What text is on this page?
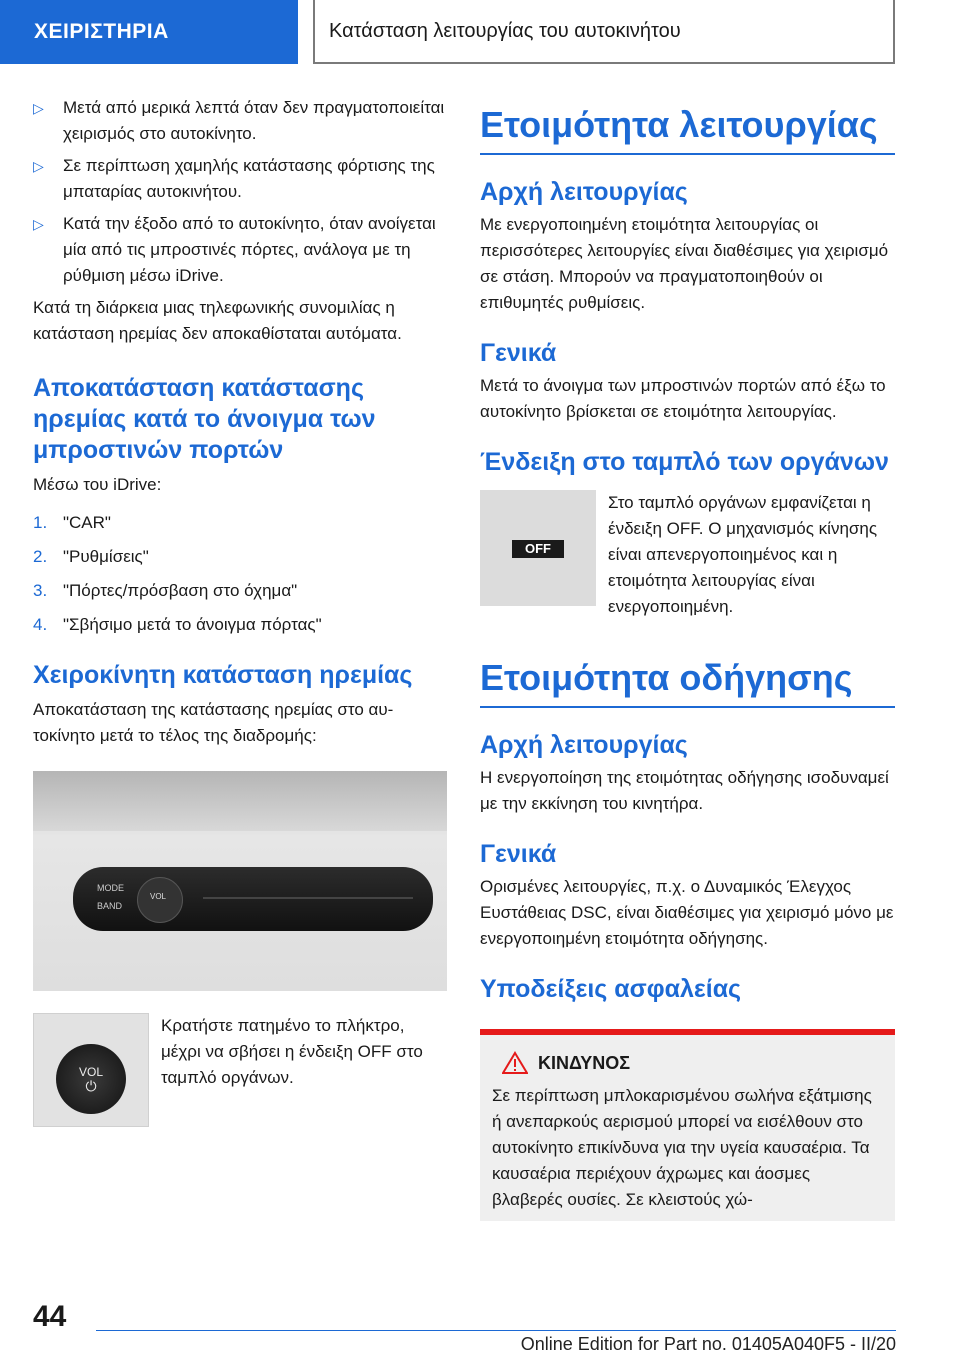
ΧΕΙΡΙΣΤΗΡΙΑ	Κατάσταση λειτουργίας του αυτοκινήτου
▷ Μετά από μερικά λεπτά όταν δεν πραγματοποιείται χειρισμός στο αυτοκίνητο.
▷ Σε περίπτωση χαμηλής κατάστασης φόρτισης της μπαταρίας αυτοκινήτου.
▷ Κατά την έξοδο από το αυτοκίνητο, όταν ανοίγεται μία από τις μπροστινές πόρτες, ανάλογα με τη ρύθμιση μέσω iDrive.

Κατά τη διάρκεια μιας τηλεφωνικής συνομιλίας η κατάσταση ηρεμίας δεν αποκαθίσταται αυτόματα.

Αποκατάσταση κατάστασης ηρεμίας κατά το άνοιγμα των μπροστινών πορτών

Μέσω του iDrive:

1. "CAR"
2. "Ρυθμίσεις"
3. "Πόρτες/πρόσβαση στο όχημα"
4. "Σβήσιμο μετά το άνοιγμα πόρτας"
Χειροκίνητη κατάσταση ηρεμίας

Αποκατάσταση της κατάστασης ηρεμίας στο αυτοκίνητο μετά το τέλος της διαδρομής:

MODE
BAND
VOL
VOL
⏻
Κρατήστε πατημένο το πλήκτρο, μέχρι να σβήσει η ένδειξη OFF στο ταμπλό οργάνων.
Ετοιμότητα λειτουργίας
Αρχή λειτουργίας

Με ενεργοποιημένη ετοιμότητα λειτουργίας οι περισσότερες λειτουργίες είναι διαθέσιμες για χειρισμό σε στάση. Μπορούν να πραγματοποιηθούν οι επιθυμητές ρυθμίσεις.

Γενικά

Μετά το άνοιγμα των μπροστινών πορτών από έξω το αυτοκίνητο βρίσκεται σε ετοιμότητα λειτουργίας.

Ένδειξη στο ταμπλό των οργάνων
OFF
Στο ταμπλό οργάνων εμφανίζεται η ένδειξη OFF. Ο μηχανισμός κίνησης είναι απενεργοποιημένος και η ετοιμότητα λειτουργίας είναι ενεργοποιημένη.
Ετοιμότητα οδήγησης
Αρχή λειτουργίας

Η ενεργοποίηση της ετοιμότητας οδήγησης ισοδυναμεί με την εκκίνηση του κινητήρα.

Γενικά

Ορισμένες λειτουργίες, π.χ. ο Δυναμικός Έλεγχος Ευστάθειας DSC, είναι διαθέσιμες για χειρισμό μόνο με ενεργοποιημένη ετοιμότητα οδήγησης.

Υποδείξεις ασφαλείας
ΚΙΝΔΥΝΟΣ

Σε περίπτωση μπλοκαρισμένου σωλήνα εξάτμισης ή ανεπαρκούς αερισμού μπορεί να εισέλθουν στο αυτοκίνητο επικίνδυνα για την υγεία καυσαέρια. Τα καυσαέρια περιέχουν άχρωμες και άοσμες βλαβερές ουσίες. Σε κλειστούς χώ-

44
Online Edition for Part no. 01405A040F5 - II/20
